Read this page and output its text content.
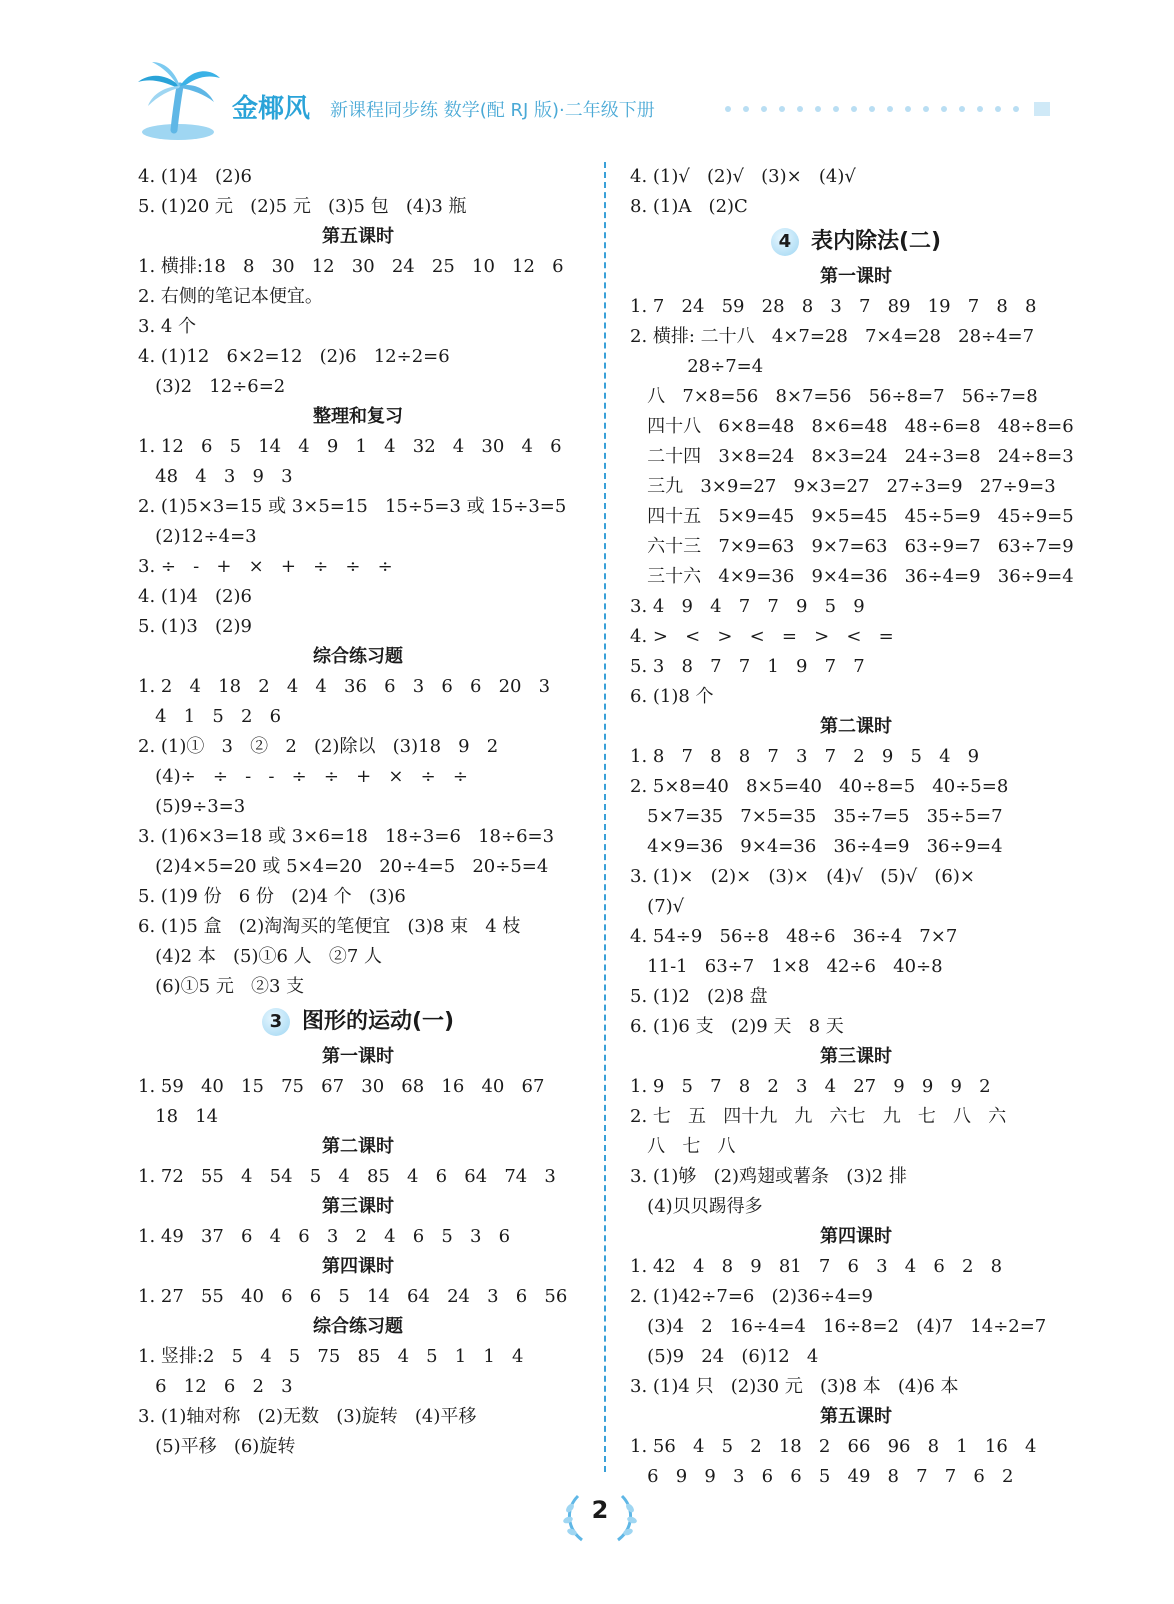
金椰风 新课程同步练 数学(配 RJ 版)·二年级下册
4. (1)4   (2)6
5. (1)20 元   (2)5 元   (3)5 包   (4)3 瓶
第五课时
1. 横排:18   8   30   12   30   24   25   10   12   6
2. 右侧的笔记本便宜。
3. 4 个
4. (1)12   6×2=12   (2)6   12÷2=6
(3)2   12÷6=2
整理和复习
1. 12   6   5   14   4   9   1   4   32   4   30   4   6
48   4   3   9   3
2. (1)5×3=15 或 3×5=15   15÷5=3 或 15÷3=5
(2)12÷4=3
3. ÷   -   +   ×   +   ÷   ÷   ÷
4. (1)4   (2)6
5. (1)3   (2)9
综合练习题
1. 2   4   18   2   4   4   36   6   3   6   6   20   3
4   1   5   2   6
2. (1)①   3   ②   2   (2)除以   (3)18   9   2
(4)÷   ÷   -   -   ÷   ÷   +   ×   ÷   ÷
(5)9÷3=3
3. (1)6×3=18 或 3×6=18   18÷3=6   18÷6=3
(2)4×5=20 或 5×4=20   20÷4=5   20÷5=4
5. (1)9 份   6 份   (2)4 个   (3)6
6. (1)5 盒   (2)淘淘买的笔便宜   (3)8 束   4 枝
(4)2 本   (5)①6 人   ②7 人
(6)①5 元   ②3 支
3 图形的运动(一)
第一课时
1. 59   40   15   75   67   30   68   16   40   67
18   14
第二课时
1. 72   55   4   54   5   4   85   4   6   64   74   3
第三课时
1. 49   37   6   4   6   3   2   4   6   5   3   6
第四课时
1. 27   55   40   6   6   5   14   64   24   3   6   56
综合练习题
1. 竖排:2   5   4   5   75   85   4   5   1   1   4
6   12   6   2   3
3. (1)轴对称   (2)无数   (3)旋转   (4)平移
(5)平移   (6)旋转
4. (1)√   (2)√   (3)×   (4)√
8. (1)A   (2)C
4 表内除法(二)
第一课时
1. 7   24   59   28   8   3   7   89   19   7   8   8
2. 横排: 二十八   4×7=28   7×4=28   28÷4=7
28÷7=4
八   7×8=56   8×7=56   56÷8=7   56÷7=8
四十八   6×8=48   8×6=48   48÷6=8   48÷8=6
二十四   3×8=24   8×3=24   24÷3=8   24÷8=3
三九   3×9=27   9×3=27   27÷3=9   27÷9=3
四十五   5×9=45   9×5=45   45÷5=9   45÷9=5
六十三   7×9=63   9×7=63   63÷9=7   63÷7=9
三十六   4×9=36   9×4=36   36÷4=9   36÷9=4
3. 4   9   4   7   7   9   5   9
4. >   <   >   <   =   >   <   =
5. 3   8   7   7   1   9   7   7
6. (1)8 个
第二课时
1. 8   7   8   8   7   3   7   2   9   5   4   9
2. 5×8=40   8×5=40   40÷8=5   40÷5=8
5×7=35   7×5=35   35÷7=5   35÷5=7
4×9=36   9×4=36   36÷4=9   36÷9=4
3. (1)×   (2)×   (3)×   (4)√   (5)√   (6)×
(7)√
4. 54÷9   56÷8   48÷6   36÷4   7×7
11-1   63÷7   1×8   42÷6   40÷8
5. (1)2   (2)8 盘
6. (1)6 支   (2)9 天   8 天
第三课时
1. 9   5   7   8   2   3   4   27   9   9   9   2
2. 七   五   四十九   九   六七   九   七   八   六
八   七   八
3. (1)够   (2)鸡翅或薯条   (3)2 排
(4)贝贝踢得多
第四课时
1. 42   4   8   9   81   7   6   3   4   6   2   8
2. (1)42÷7=6   (2)36÷4=9
(3)4   2   16÷4=4   16÷8=2   (4)7   14÷2=7
(5)9   24   (6)12   4
3. (1)4 只   (2)30 元   (3)8 本   (4)6 本
第五课时
1. 56   4   5   2   18   2   66   96   8   1   16   4
6   9   9   3   6   6   5   49   8   7   7   6   2
2
